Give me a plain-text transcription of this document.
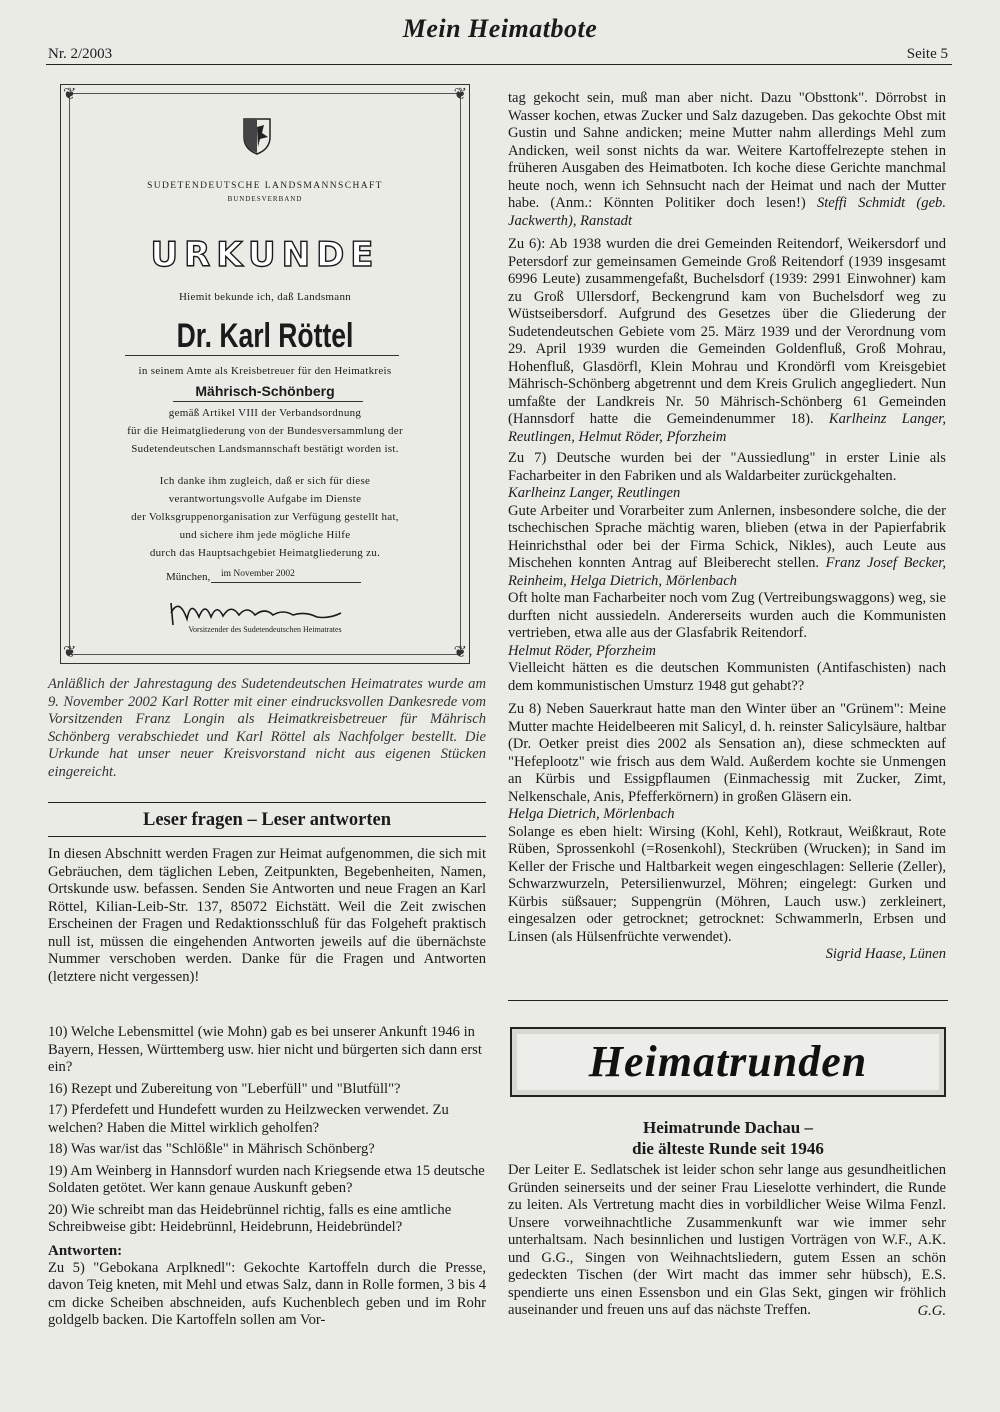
Nr. 2/2003
Mein Heimatbote
Seite 5
❦	❦
❦	❦
SUDETENDEUTSCHE LANDSMANNSCHAFT
BUNDESVERBAND
URKUNDE
Hiemit bekunde ich, daß Landsmann
Dr. Karl Röttel
in seinem Amte als Kreisbetreuer für den Heimatkreis
Mährisch-Schönberg
gemäß Artikel VIII der Verbandsordnung
für die Heimatgliederung von der Bundesversammlung der
Sudetendeutschen Landsmannschaft bestätigt worden ist.
Ich danke ihm zugleich, daß er sich für diese
verantwortungsvolle Aufgabe im Dienste
der Volksgruppenorganisation zur Verfügung gestellt hat,
und sichere ihm jede mögliche Hilfe
durch das Hauptsachgebiet Heimatgliederung zu.
München, im November 2002
Vorsitzender des Sudetendeutschen Heimatrates
Anläßlich der Jahrestagung des Sudetendeutschen Heimatrates wurde am 9. November 2002 Karl Rotter mit einer eindrucksvollen Dankesrede vom Vorsitzenden Franz Longin als Heimatkreisbetreuer für Mährisch Schönberg verabschiedet und Karl Röttel als Nachfolger bestellt. Die Urkunde hat unser neuer Kreisvorstand nicht aus eigenen Stücken eingereicht.
Leser fragen – Leser antworten

In diesen Abschnitt werden Fragen zur Heimat aufgenommen, die sich mit Gebräuchen, dem täglichen Leben, Zeitpunkten, Begebenheiten, Namen, Ortskunde usw. befassen. Senden Sie Antworten und neue Fragen an Karl Röttel, Kilian-Leib-Str. 137, 85072 Eichstätt. Weil die Zeit zwischen Erscheinen der Fragen und Redaktionsschluß für das Folgeheft praktisch null ist, müssen die eingehenden Antworten jeweils auf die übernächste Nummer verschoben werden. Danke für die Fragen und Antworten (letztere nicht vergessen)!

10) Welche Lebensmittel (wie Mohn) gab es bei unserer Ankunft 1946 in Bayern, Hessen, Württemberg usw. hier nicht und bürgerten sich dann erst ein?

16) Rezept und Zubereitung von "Leberfüll" und "Blutfüll"?

17) Pferdefett und Hundefett wurden zu Heilzwecken verwendet. Zu welchen? Haben die Mittel wirklich geholfen?

18) Was war/ist das "Schlößle" in Mährisch Schönberg?

19) Am Weinberg in Hannsdorf wurden nach Kriegsende etwa 15 deutsche Soldaten getötet. Wer kann genaue Auskunft geben?

20) Wie schreibt man das Heidebrünnel richtig, falls es eine amtliche Schreibweise gibt: Heidebrünnl, Heidebrunn, Heidebründel?

Antworten:

Zu 5) "Gebokana Arplknedl": Gekochte Kartoffeln durch die Presse, davon Teig kneten, mit Mehl und etwas Salz, dann in Rolle formen, 3 bis 4 cm dicke Scheiben abschneiden, aufs Kuchenblech geben und im Rohr goldgelb backen. Die Kartoffeln sollen am Vor-

tag gekocht sein, muß man aber nicht. Dazu "Obsttonk". Dörrobst in Wasser kochen, etwas Zucker und Salz dazugeben. Das gekochte Obst mit Gustin und Sahne andicken; meine Mutter nahm allerdings Mehl zum Andicken, weil sonst nichts da war. Weitere Kartoffelrezepte stehen in früheren Ausgaben des Heimatboten. Ich koche diese Gerichte manchmal heute noch, wenn ich Sehnsucht nach der Heimat und nach der Mutter habe. (Anm.: Könnten Politiker doch lesen!) Steffi Schmidt (geb. Jackwerth), Ranstadt

Zu 6): Ab 1938 wurden die drei Gemeinden Reitendorf, Weikersdorf und Petersdorf zur gemeinsamen Gemeinde Groß Reitendorf (1939 insgesamt 6996 Leute) zusammengefaßt, Buchelsdorf (1939: 2991 Einwohner) kam zu Groß Ullersdorf, Beckengrund kam von Buchelsdorf weg zu Wüstseibersdorf. Aufgrund des Gesetzes über die Gliederung der Sudetendeutschen Gebiete vom 25. März 1939 und der Verordnung vom 29. April 1939 wurden die Gemeinden Goldenfluß, Groß Mohrau, Hohenfluß, Glasdörfl, Klein Mohrau und Krondörfl vom Kreisgebiet Mährisch-Schönberg abgetrennt und dem Kreis Grulich angegliedert. Nun umfaßte der Landkreis Nr. 50 Mährisch-Schönberg 61 Gemeinden (Hannsdorf hatte die Gemeindenummer 18). Karlheinz Langer, Reutlingen, Helmut Röder, Pforzheim

Zu 7) Deutsche wurden bei der "Aussiedlung" in erster Linie als Facharbeiter in den Fabriken und als Waldarbeiter zurückgehalten.

Karlheinz Langer, Reutlingen

Gute Arbeiter und Vorarbeiter zum Anlernen, insbesondere solche, die der tschechischen Sprache mächtig waren, blieben (etwa in der Papierfabrik Heinrichsthal oder bei der Firma Schick, Nikles), auch Leute aus Mischehen konnten Antrag auf Bleiberecht stellen. Franz Josef Becker, Reinheim, Helga Dietrich, Mörlenbach

Oft holte man Facharbeiter noch vom Zug (Vertreibungswaggons) weg, sie durften nicht aussiedeln. Andererseits wurden auch die Kommunisten vertrieben, etwa alle aus der Glasfabrik Reitendorf.

Helmut Röder, Pforzheim

Vielleicht hätten es die deutschen Kommunisten (Antifaschisten) nach dem kommunistischen Umsturz 1948 gut gehabt??

Zu 8) Neben Sauerkraut hatte man den Winter über an "Grünem": Meine Mutter machte Heidelbeeren mit Salicyl, d. h. reinster Salicylsäure, haltbar (Dr. Oetker preist dies 2002 als Sensation an), diese schmeckten auf "Hefeplootz" wie frisch aus dem Wald. Außerdem kochte sie Unmengen an Kürbis und Essigpflaumen (Einmachessig mit Zucker, Zimt, Nelkenschale, Anis, Pfefferkörnern) in großen Gläsern ein.

Helga Dietrich, Mörlenbach

Solange es eben hielt: Wirsing (Kohl, Kehl), Rotkraut, Weißkraut, Rote Rüben, Sprossenkohl (=Rosenkohl), Steckrüben (Wrucken); in Sand im Keller der Frische und Haltbarkeit wegen eingeschlagen: Sellerie (Zeller), Schwarzwurzeln, Petersilienwurzel, Möhren; eingelegt: Gurken und Kürbis süßsauer; Suppengrün (Möhren, Lauch usw.) zerkleinert, eingesalzen oder getrocknet; getrocknet: Schwammerln, Erbsen und Linsen (als Hülsenfrüchte verwendet).

Sigrid Haase, Lünen

Heimatrunden
Heimatrunde Dachau –
die älteste Runde seit 1946

Der Leiter E. Sedlatschek ist leider schon sehr lange aus gesundheitlichen Gründen seinerseits und der seiner Frau Lieselotte verhindert, die Runde zu leiten. Als Vertretung macht dies in vorbildlicher Weise Wilma Fenzl. Unsere vorweihnachtliche Zusammenkunft war wie immer sehr unterhaltsam. Nach besinnlichen und lustigen Vorträgen von W.F., A.K. und G.G., Singen von Weihnachtsliedern, gutem Essen an schön gedeckten Tischen (der Wirt macht das immer sehr hübsch), E.S. spendierte uns einen Essensbon und ein Glas Sekt, gingen wir fröhlich auseinander und freuen uns auf das nächste Treffen.	G.G.
